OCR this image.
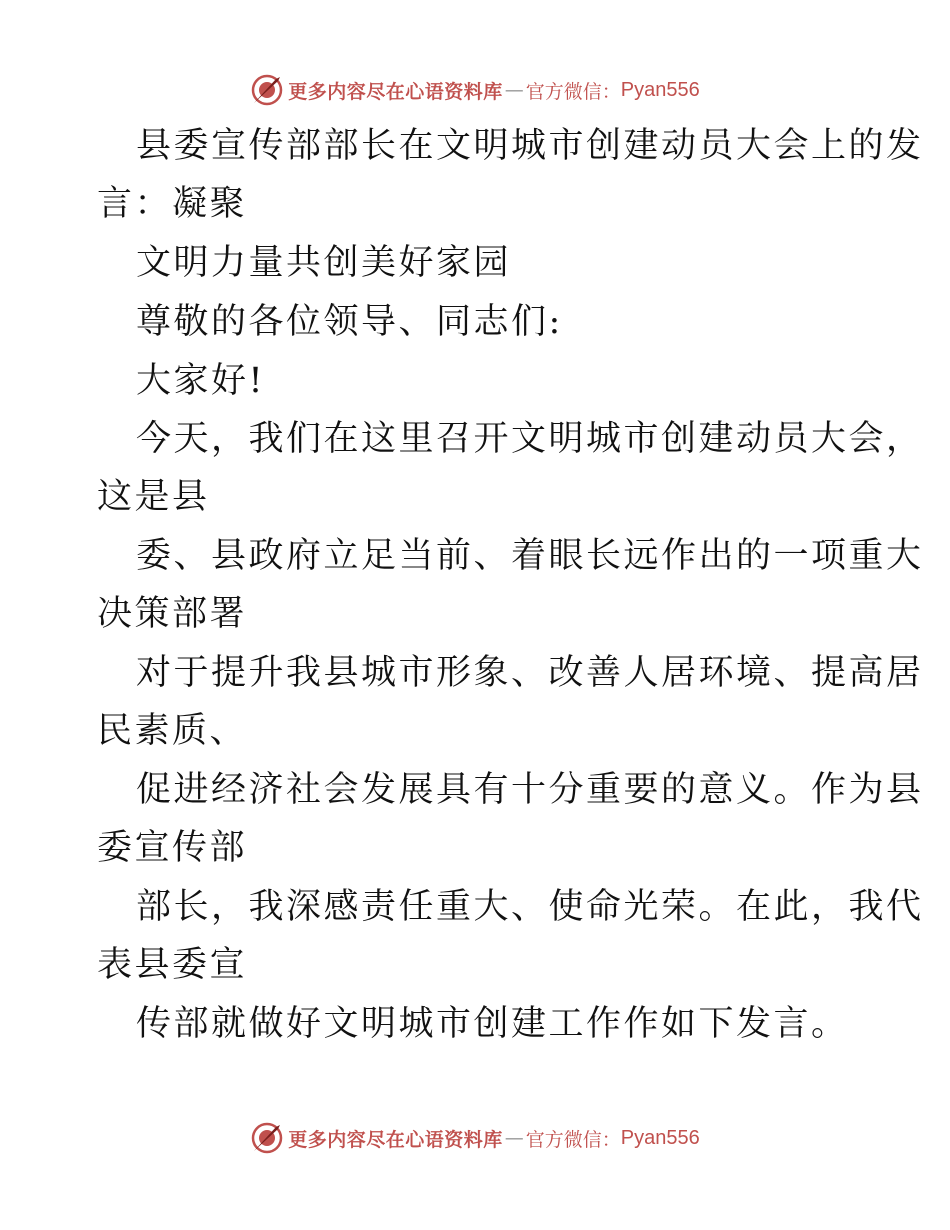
更多内容尽在心语资料库 — 官方微信： Pyan556
县委宣传部部长在文明城市创建动员大会上的发
言：凝聚
文明力量共创美好家园
尊敬的各位领导、同志们:
大家好!
今天，我们在这里召开文明城市创建动员大会，
这是县
委、县政府立足当前、着眼长远作出的一项重大
决策部署
对于提升我县城市形象、改善人居环境、提高居
民素质、
促进经济社会发展具有十分重要的意义。作为县
委宣传部
部长，我深感责任重大、使命光荣。在此，我代
表县委宣
传部就做好文明城市创建工作作如下发言。
更多内容尽在心语资料库 — 官方微信： Pyan556
